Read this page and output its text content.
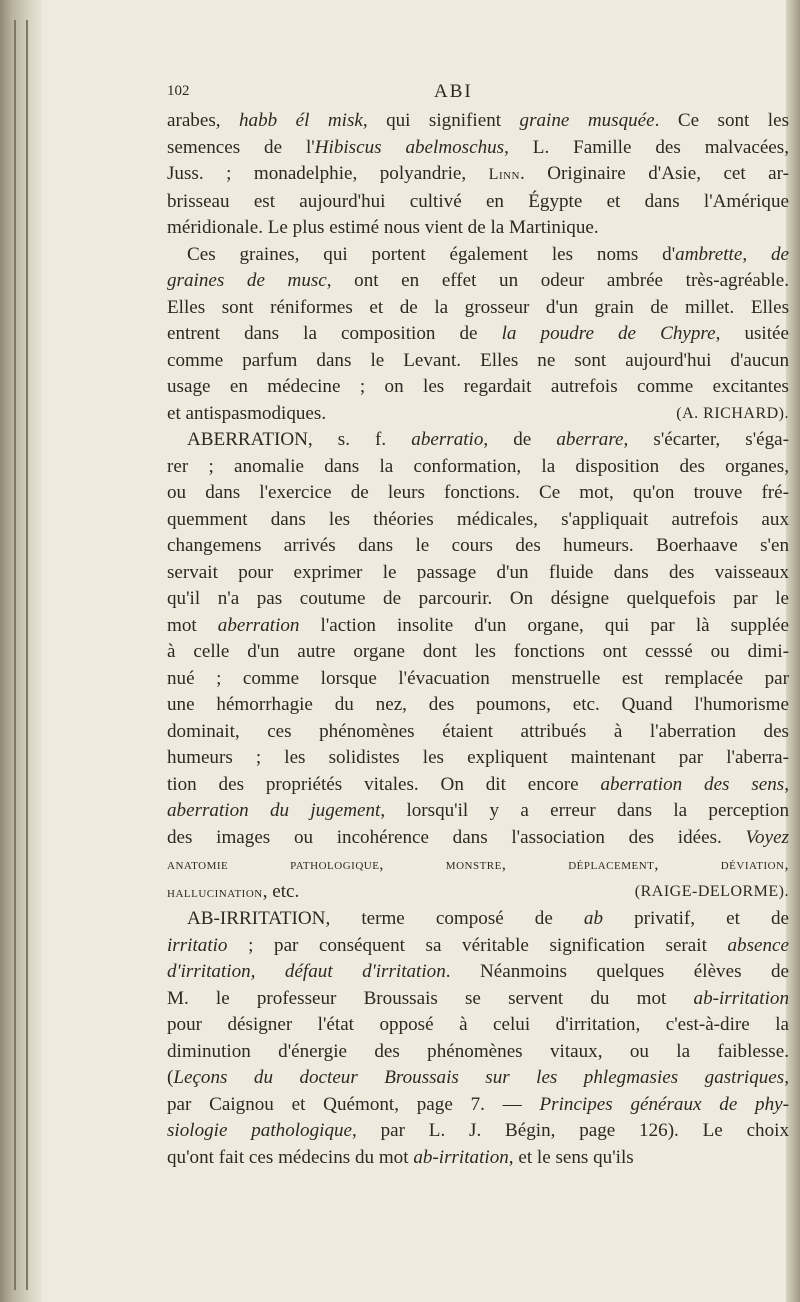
102	ABI
arabes, habb él misk, qui signifient graine musquée. Ce sont les
semences de l'Hibiscus abelmoschus, L. Famille des malvacées,
Juss. ; monadelphie, polyandrie, Linn. Originaire d'Asie, cet ar-
brisseau est aujourd'hui cultivé en Égypte et dans l'Amérique
méridionale. Le plus estimé nous vient de la Martinique.
Ces graines, qui portent également les noms d'ambrette, de
graines de musc, ont en effet un odeur ambrée très-agréable.
Elles sont réniformes et de la grosseur d'un grain de millet. Elles
entrent dans la composition de la poudre de Chypre, usitée
comme parfum dans le Levant. Elles ne sont aujourd'hui d'aucun
usage en médecine ; on les regardait autrefois comme excitantes
et antispasmodiques.	(A. RICHARD).
ABERRATION, s. f. aberratio, de aberrare, s'écarter, s'éga-
rer ; anomalie dans la conformation, la disposition des organes,
ou dans l'exercice de leurs fonctions. Ce mot, qu'on trouve fré-
quemment dans les théories médicales, s'appliquait autrefois aux
changemens arrivés dans le cours des humeurs. Boerhaave s'en
servait pour exprimer le passage d'un fluide dans des vaisseaux
qu'il n'a pas coutume de parcourir. On désigne quelquefois par le
mot aberration l'action insolite d'un organe, qui par là supplée
à celle d'un autre organe dont les fonctions ont cesssé ou dimi-
nué ; comme lorsque l'évacuation menstruelle est remplacée par
une hémorrhagie du nez, des poumons, etc. Quand l'humorisme
dominait, ces phénomènes étaient attribués à l'aberration des
humeurs ; les solidistes les expliquent maintenant par l'aberra-
tion des propriétés vitales. On dit encore aberration des sens,
aberration du jugement, lorsqu'il y a erreur dans la perception
des images ou incohérence dans l'association des idées. Voyez
anatomie pathologique, monstre, déplacement, déviation,
hallucination, etc.	(RAIGE-DELORME).
AB-IRRITATION, terme composé de ab privatif, et de
irritatio ; par conséquent sa véritable signification serait absence
d'irritation, défaut d'irritation. Néanmoins quelques élèves de
M. le professeur Broussais se servent du mot ab-irritation
pour désigner l'état opposé à celui d'irritation, c'est-à-dire la
diminution d'énergie des phénomènes vitaux, ou la faiblesse.
(Leçons du docteur Broussais sur les phlegmasies gastriques,
par Caignou et Quémont, page 7. — Principes généraux de phy-
siologie pathologique, par L. J. Bégin, page 126). Le choix
qu'ont fait ces médecins du mot ab-irritation, et le sens qu'ils
